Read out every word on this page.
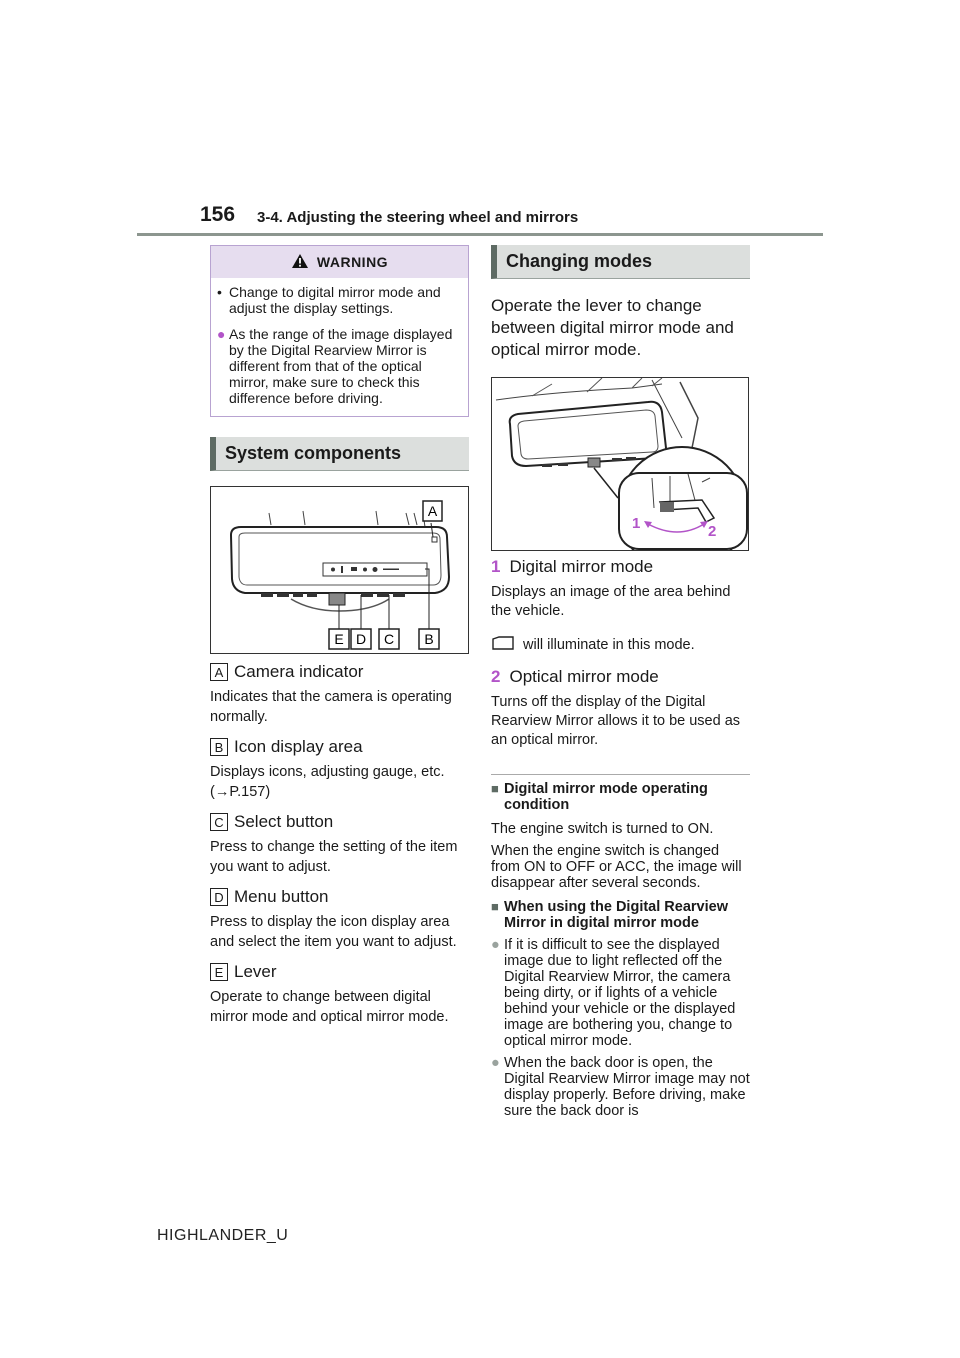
156 3-4. Adjusting the steering wheel and mirrors
WARNING
• Change to digital mirror mode and adjust the display settings.
● As the range of the image displayed by the Digital Rearview Mirror is different from that of the optical mirror, make sure to check this difference before driving.
System components
A
E D C B
A Camera indicator
Indicates that the camera is operating normally.
B Icon display area
Displays icons, adjusting gauge, etc. (→P.157)
C Select button
Press to change the setting of the item you want to adjust.
D Menu button
Press to display the icon display area and select the item you want to adjust.
E Lever
Operate to change between digital mirror mode and optical mirror mode.
Changing modes
Operate the lever to change between digital mirror mode and optical mirror mode.
1	2
1 Digital mirror mode
Displays an image of the area behind the vehicle.
will illuminate in this mode.
2 Optical mirror mode
Turns off the display of the Digital Rearview Mirror allows it to be used as an optical mirror.
■ Digital mirror mode operating condition
The engine switch is turned to ON.
When the engine switch is changed from ON to OFF or ACC, the image will disappear after several seconds.
■ When using the Digital Rearview Mirror in digital mirror mode
● If it is difficult to see the displayed image due to light reflected off the Digital Rearview Mirror, the camera being dirty, or if lights of a vehicle behind your vehicle or the displayed image are bothering you, change to optical mirror mode.
● When the back door is open, the Digital Rearview Mirror image may not display properly. Before driving, make sure the back door is
HIGHLANDER_U
